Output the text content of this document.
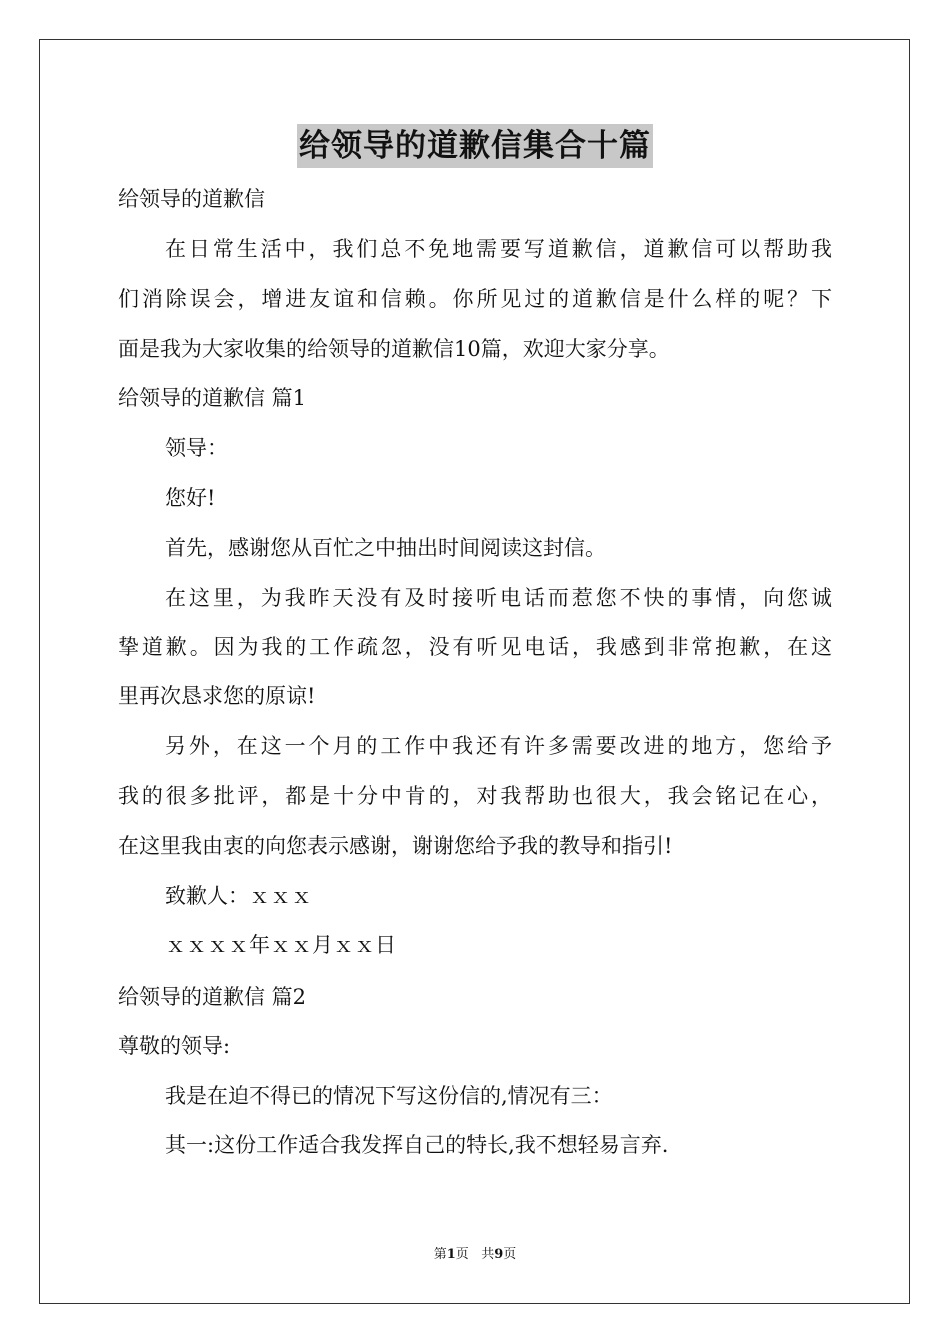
给领导的道歉信集合十篇
给领导的道歉信
在日常生活中，我们总不免地需要写道歉信，道歉信可以帮助我
们消除误会，增进友谊和信赖。你所见过的道歉信是什么样的呢？下
面是我为大家收集的给领导的道歉信10篇，欢迎大家分享。
给领导的道歉信 篇1
领导：
您好!
首先，感谢您从百忙之中抽出时间阅读这封信。
在这里，为我昨天没有及时接听电话而惹您不快的事情，向您诚
挚道歉。因为我的工作疏忽，没有听见电话，我感到非常抱歉，在这
里再次恳求您的原谅!
另外，在这一个月的工作中我还有许多需要改进的地方，您给予
我的很多批评，都是十分中肯的，对我帮助也很大，我会铭记在心，
在这里我由衷的向您表示感谢，谢谢您给予我的教导和指引!
致歉人：ｘｘｘ
ｘｘｘｘ年ｘｘ月ｘｘ日
给领导的道歉信 篇2
尊敬的领导:
我是在迫不得已的情况下写这份信的,情况有三：
其一:这份工作适合我发挥自己的特长,我不想轻易言弃.
第1页 共9页
